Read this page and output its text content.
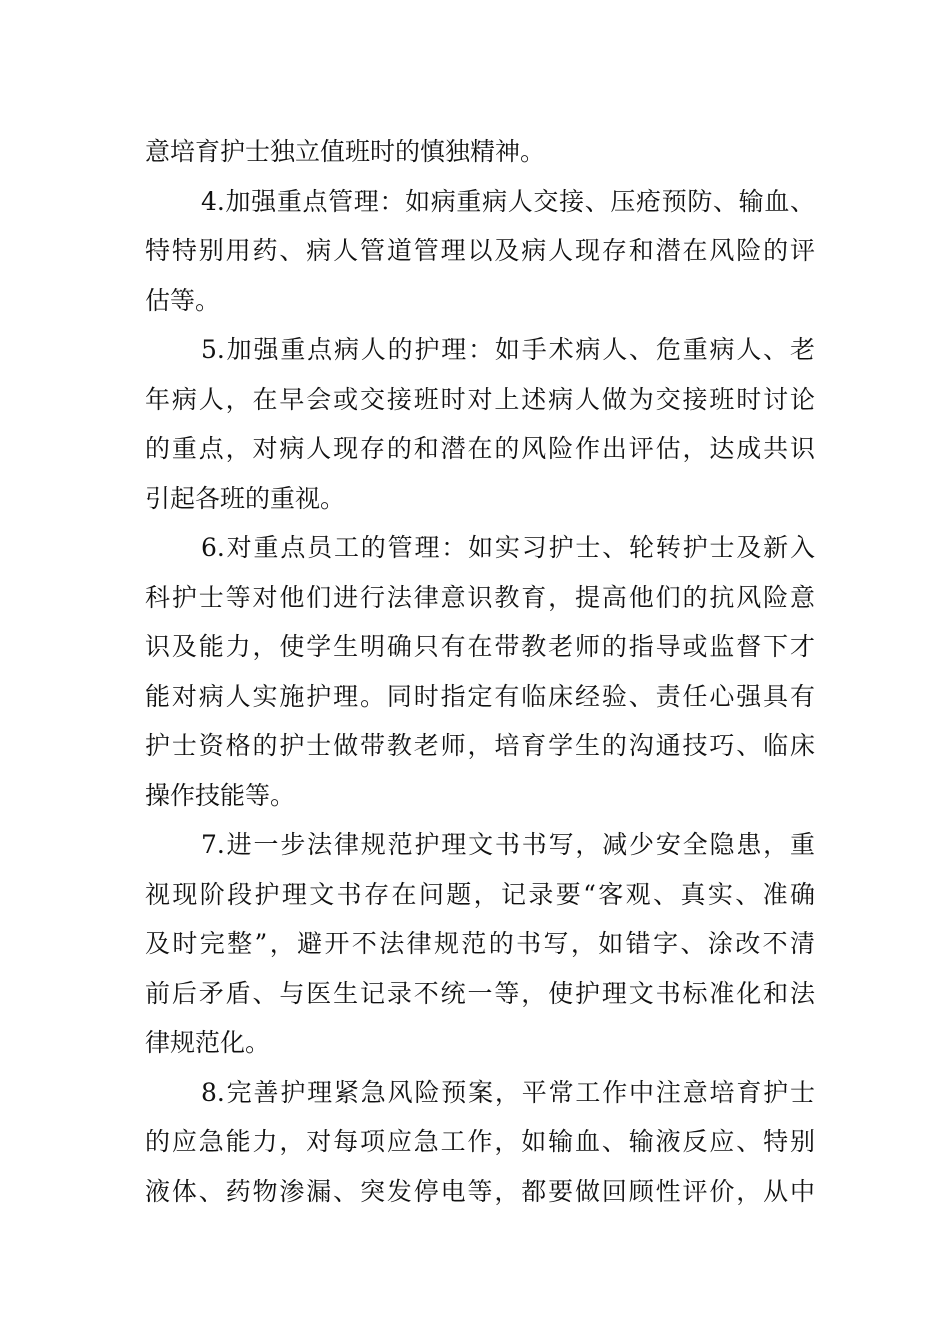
意培育护士独立值班时的慎独精神。
4.加强重点管理：如病重病人交接、压疮预防、输血、
特特别用药、病人管道管理以及病人现存和潜在风险的评
估等。
5.加强重点病人的护理：如手术病人、危重病人、老
年病人，在早会或交接班时对上述病人做为交接班时讨论
的重点，对病人现存的和潜在的风险作出评估，达成共识
引起各班的重视。
6.对重点员工的管理：如实习护士、轮转护士及新入
科护士等对他们进行法律意识教育，提高他们的抗风险意
识及能力，使学生明确只有在带教老师的指导或监督下才
能对病人实施护理。同时指定有临床经验、责任心强具有
护士资格的护士做带教老师，培育学生的沟通技巧、临床
操作技能等。
7.进一步法律规范护理文书书写，减少安全隐患，重
视现阶段护理文书存在问题，记录要“客观、真实、准确
及时完整”，避开不法律规范的书写，如错字、涂改不清
前后矛盾、与医生记录不统一等，使护理文书标准化和法
律规范化。
8.完善护理紧急风险预案，平常工作中注意培育护士
的应急能力，对每项应急工作，如输血、输液反应、特别
液体、药物渗漏、突发停电等，都要做回顾性评价，从中
